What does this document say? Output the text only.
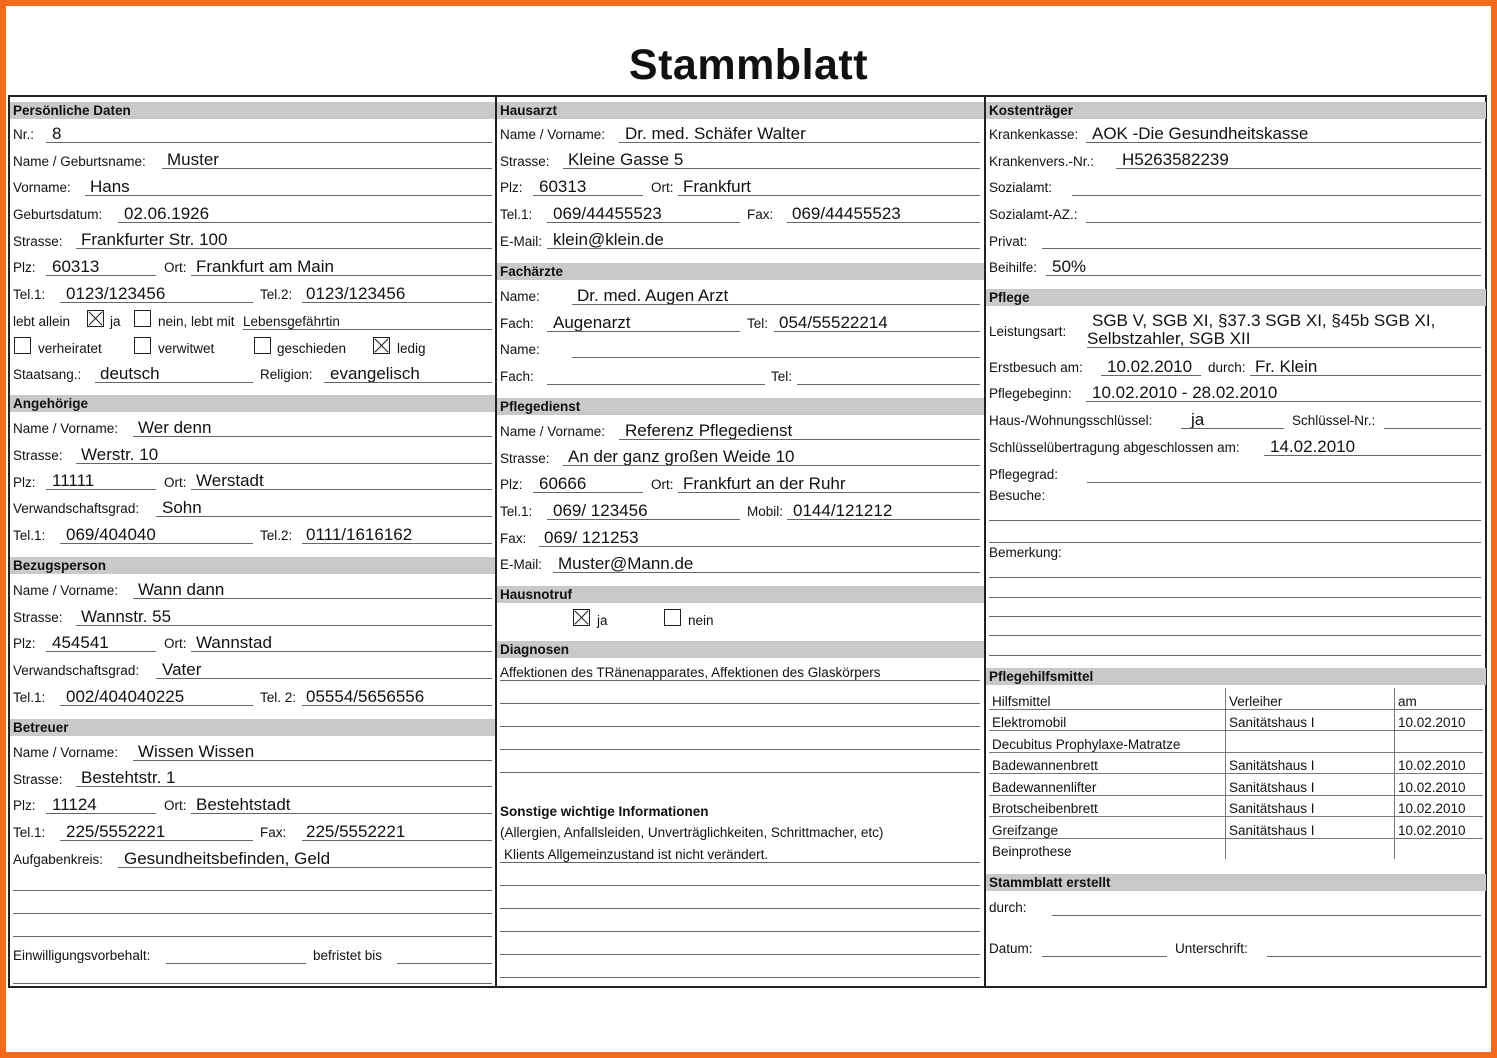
Stammblatt
Persönliche Daten
Nr.: 8
Name / Geburtsname: Muster
Vorname: Hans
Geburtsdatum: 02.06.1926
Strasse: Frankfurter Str. 100
Plz: 60313	Ort: Frankfurt am Main
Tel.1: 0123/123456	Tel.2: 0123/123456
lebt allein	ja	nein, lebt mit Lebensgefährtin
verheiratet	verwitwet	geschieden	ledig
Staatsang.: deutsch	Religion: evangelisch
Angehörige
Name / Vorname: Wer denn
Strasse: Werstr. 10
Plz: 11111	Ort: Werstadt
Verwandschaftsgrad: Sohn
Tel.1: 069/404040	Tel.2: 0111/1616162
Bezugsperson
Name / Vorname: Wann dann
Strasse: Wannstr. 55
Plz: 454541	Ort: Wannstad
Verwandschaftsgrad: Vater
Tel.1: 002/404040225	Tel. 2: 05554/5656556
Betreuer
Name / Vorname: Wissen Wissen
Strasse: Bestehtstr. 1
Plz: 11124	Ort: Bestehtstadt
Tel.1: 225/5552221	Fax: 225/5552221
Aufgabenkreis: Gesundheitsbefinden, Geld
Einwilligungsvorbehalt:	befristet bis
Hausarzt
Name / Vorname: Dr. med. Schäfer Walter
Strasse: Kleine Gasse 5
Plz: 60313	Ort: Frankfurt
Tel.1: 069/44455523	Fax: 069/44455523
E-Mail: klein@klein.de
Fachärzte
Name: Dr. med. Augen Arzt
Fach: Augenarzt	Tel: 054/55522214
Name:
Fach:	Tel:
Pflegedienst
Name / Vorname: Referenz Pflegedienst
Strasse: An der ganz großen Weide 10
Plz: 60666	Ort: Frankfurt an der Ruhr
Tel.1: 069/ 123456	Mobil: 0144/121212
Fax: 069/ 121253
E-Mail: Muster@Mann.de
Hausnotruf
ja	nein
Diagnosen
Affektionen des TRänenapparates, Affektionen des Glaskörpers
Sonstige wichtige Informationen
(Allergien, Anfallsleiden, Unverträglichkeiten, Schrittmacher, etc)
Klients Allgemeinzustand ist nicht verändert.
Kostenträger
Krankenkasse: AOK -Die Gesundheitskasse
Krankenvers.-Nr.: H5263582239
Sozialamt:
Sozialamt-AZ.:
Privat:
Beihilfe: 50%
Pflege
Leistungsart:
SGB V, SGB XI, §37.3 SGB XI, §45b SGB XI,
Selbstzahler, SGB XII
Erstbesuch am: 10.02.2010 durch: Fr. Klein
Pflegebeginn: 10.02.2010 - 28.02.2010
Haus-/Wohnungsschlüssel: ja	Schlüssel-Nr.:
Schlüsselübertragung abgeschlossen am: 14.02.2010
Pflegegrad:
Besuche:
Bemerkung:
Pflegehilfsmittel
Hilfsmittel	Verleiher	am
Elektromobil	Sanitätshaus I	10.02.2010
Decubitus Prophylaxe-Matratze		
Badewannenbrett	Sanitätshaus I	10.02.2010
Badewannenlifter	Sanitätshaus I	10.02.2010
Brotscheibenbrett	Sanitätshaus I	10.02.2010
Greifzange	Sanitätshaus I	10.02.2010
Beinprothese		
Stammblatt erstellt
durch:
Datum:	Unterschrift:
